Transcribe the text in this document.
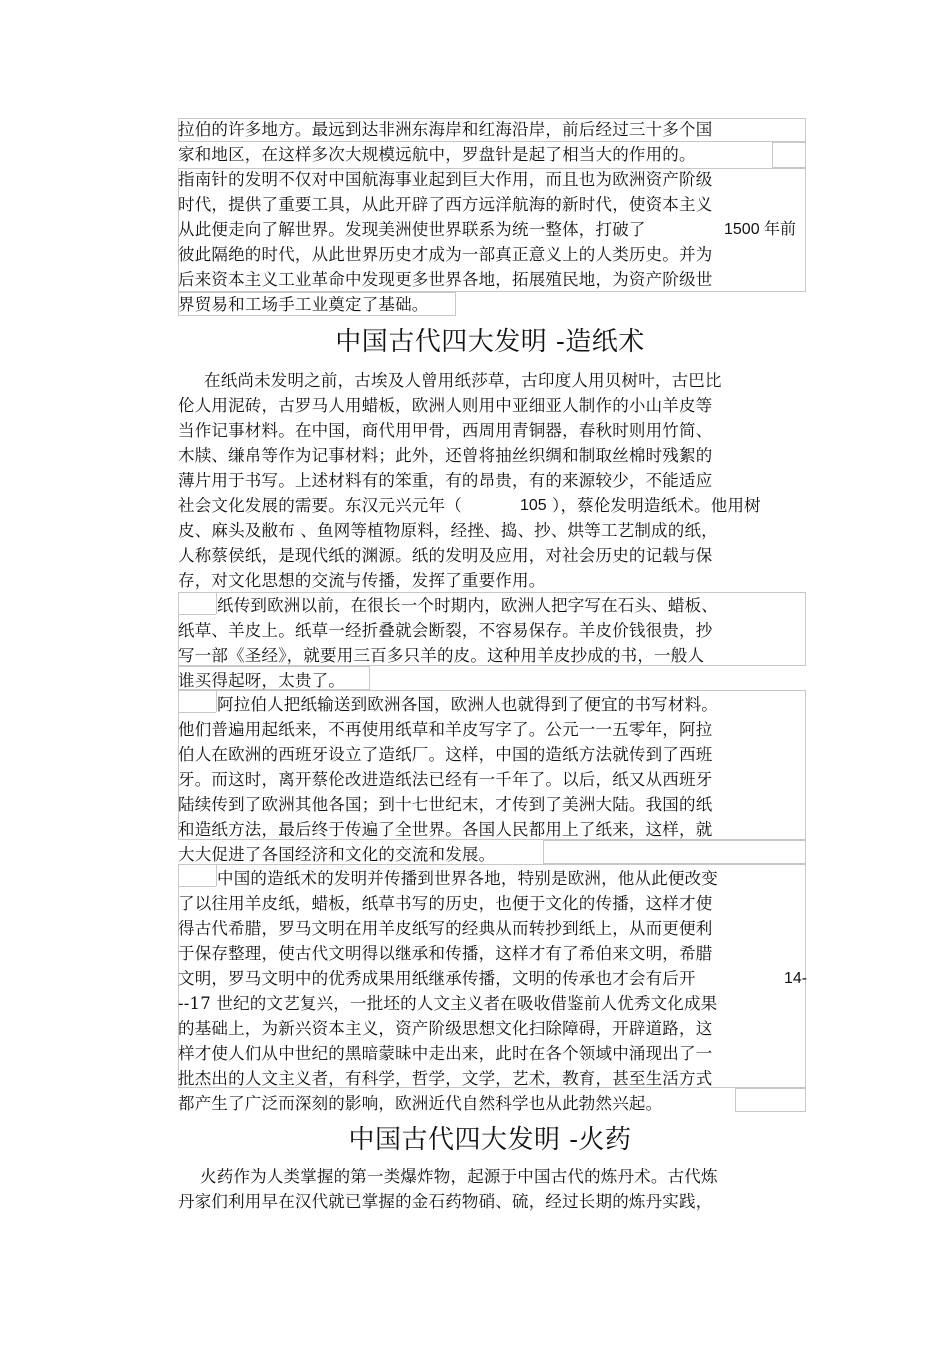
拉伯的许多地方。最远到达非洲东海岸和红海沿岸，前后经过三十多个国
家和地区，在这样多次大规模远航中，罗盘针是起了相当大的作用的。
指南针的发明不仅对中国航海事业起到巨大作用，而且也为欧洲资产阶级
时代，提供了重要工具，从此开辟了西方远洋航海的新时代，使资本主义
从此便走向了解世界。发现美洲使世界联系为统一整体，打破了	1500 年前
彼此隔绝的时代，从此世界历史才成为一部真正意义上的人类历史。并为
后来资本主义工业革命中发现更多世界各地，拓展殖民地，为资产阶级世
界贸易和工场手工业奠定了基础。
中国古代四大发明 -造纸术
在纸尚未发明之前，古埃及人曾用纸莎草，古印度人用贝树叶，古巴比
伦人用泥砖，古罗马人用蜡板，欧洲人则用中亚细亚人制作的小山羊皮等
当作记事材料。在中国，商代用甲骨，西周用青铜器，春秋时则用竹简、
木牍、缣帛等作为记事材料；此外，还曾将抽丝织绸和制取丝棉时残絮的
薄片用于书写。上述材料有的笨重，有的昂贵，有的来源较少，不能适应
社会文化发展的需要。东汉元兴元年（	105 ），蔡伦发明造纸术。他用树
皮、麻头及敝布 、鱼网等植物原料，经挫、捣、抄、烘等工艺制成的纸，
人称蔡侯纸，是现代纸的渊源。纸的发明及应用，对社会历史的记载与保
存，对文化思想的交流与传播，发挥了重要作用。
纸传到欧洲以前，在很长一个时期内，欧洲人把字写在石头、蜡板、
纸草、羊皮上。纸草一经折叠就会断裂，不容易保存。羊皮价钱很贵，抄
写一部《圣经》，就要用三百多只羊的皮。这种用羊皮抄成的书，一般人
谁买得起呀，太贵了。
阿拉伯人把纸输送到欧洲各国，欧洲人也就得到了便宜的书写材料。
他们普遍用起纸来，不再使用纸草和羊皮写字了。公元一一五零年，阿拉
伯人在欧洲的西班牙设立了造纸厂。这样，中国的造纸方法就传到了西班
牙。而这时，离开蔡伦改进造纸法已经有一千年了。以后，纸又从西班牙
陆续传到了欧洲其他各国；到十七世纪末，才传到了美洲大陆。我国的纸
和造纸方法，最后终于传遍了全世界。各国人民都用上了纸来，这样，就
大大促进了各国经济和文化的交流和发展。
中国的造纸术的发明并传播到世界各地，特别是欧洲，他从此便改变
了以往用羊皮纸，蜡板，纸草书写的历史，也便于文化的传播，这样才使
得古代希腊，罗马文明在用羊皮纸写的经典从而转抄到纸上，从而更便利
于保存整理，使古代文明得以继承和传播，这样才有了希伯来文明，希腊
文明，罗马文明中的优秀成果用纸继承传播，文明的传承也才会有后开	14-
--17 世纪的文艺复兴，一批坯的人文主义者在吸收借鉴前人优秀文化成果
的基础上，为新兴资本主义，资产阶级思想文化扫除障碍，开辟道路，这
样才使人们从中世纪的黑暗蒙昧中走出来，此时在各个领域中涌现出了一
批杰出的人文主义者，有科学，哲学，文学，艺术，教育，甚至生活方式
都产生了广泛而深刻的影响，欧洲近代自然科学也从此勃然兴起。
中国古代四大发明 -火药
火药作为人类掌握的第一类爆炸物，起源于中国古代的炼丹术。古代炼
丹家们利用早在汉代就已掌握的金石药物硝、硫，经过长期的炼丹实践，
